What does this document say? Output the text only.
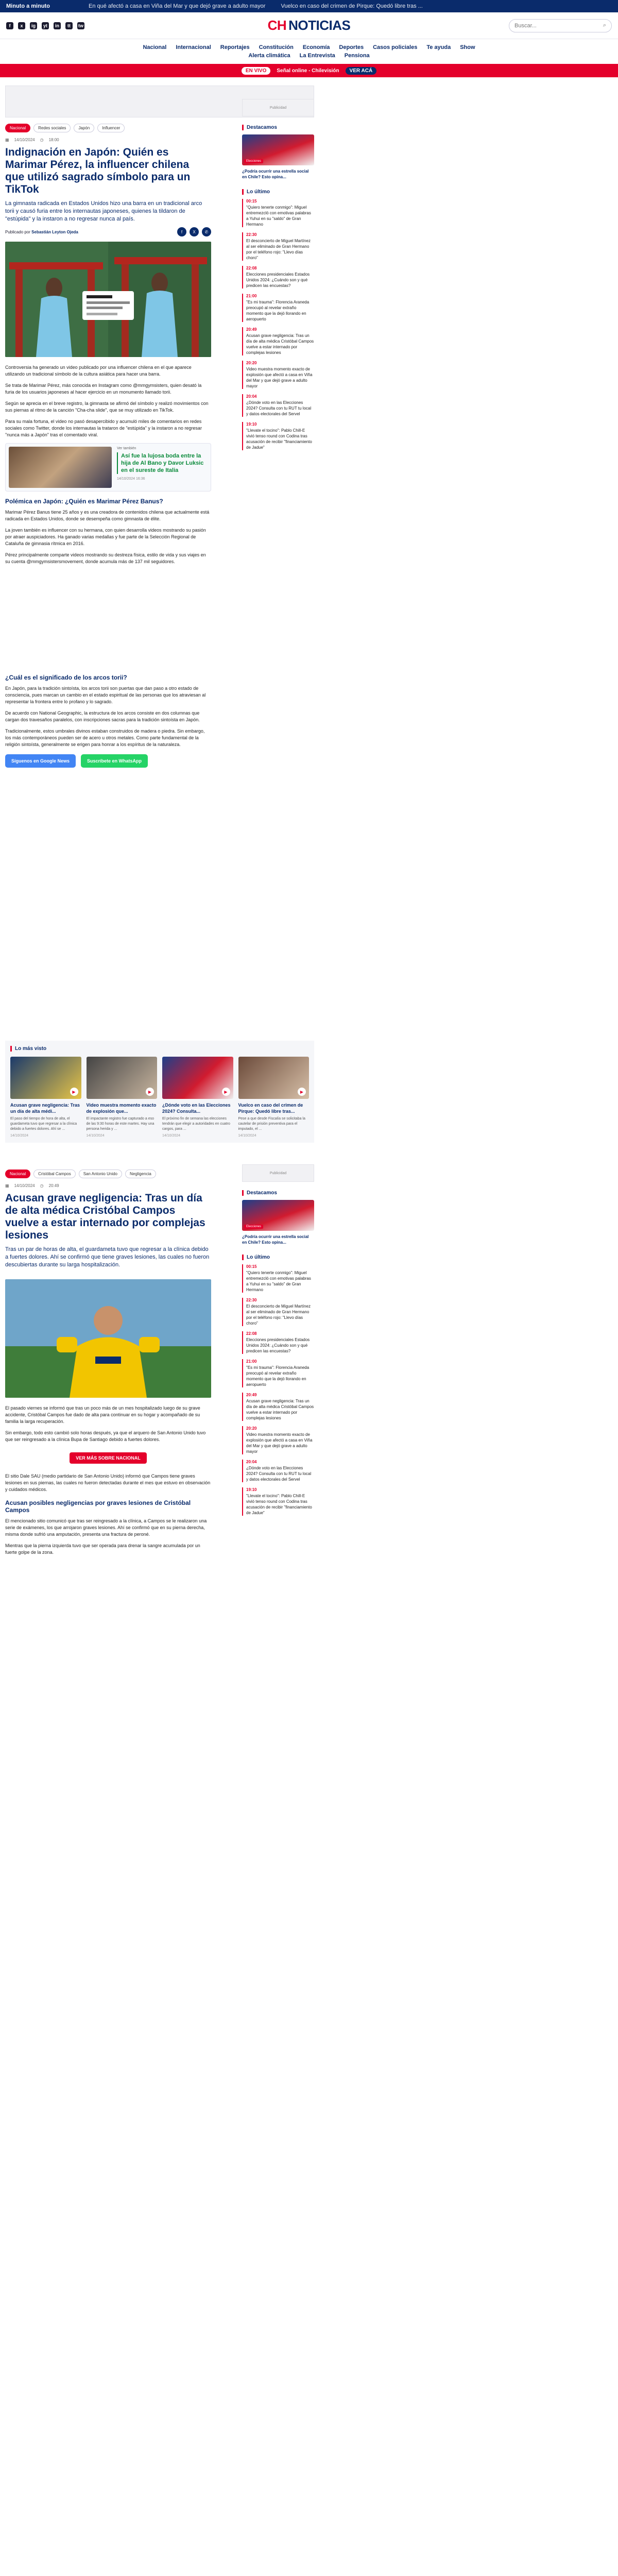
Minuto a minuto	En qué afectó a casa en Viña del Mar y que dejó grave a adulto mayor	Vuelco en caso del crimen de Pirque: Quedó libre tras ...
f	x	ig	yt	in	tt	tw	CH NOTICIAS	Buscar...	⌕
Nacional Internacional Reportajes Constitución Economía Deportes Casos policiales Te ayuda Show
Alerta climática La Entrevista Pensiona
EN VIVO	Señal online - Chilevisión	VER ACÁ
Publicidad
Destacamos
Elecciones
¿Podría ocurrir una estrella social en Chile? Esto opina...
Lo último
00:15
"Quiero tenerte conmigo": Miguel entremezcló con emotivas palabras a Yuhui en su "saldo" de Gran Hermano
22:30
El desconcierto de Miguel Martínez al ser eliminado de Gran Hermano por el teléfono rojo: "Llevo días choro"
22:08
Elecciones presidenciales Estados Unidos 2024: ¿Cuándo son y qué predicen las encuestas?
21:00
"Es mi trauma": Florencia Araneda preocupó al revelar extraño momento que la dejó llorando en aeropuerto
20:49
Acusan grave negligencia: Tras un día de alta médica Cristóbal Campos vuelve a estar internado por complejas lesiones
20:20
Video muestra momento exacto de explosión que afectó a casa en Viña del Mar y que dejó grave a adulto mayor
20:04
¿Dónde voto en las Elecciones 2024? Consulta con tu RUT tu local y datos electorales del Servel
19:10
"Llevate el tocino": Pablo Chill-E vivió tenso round con Codina tras acusación de recibir "financiamiento de Jadue"
Nacional	Redes sociales	Japón	Influencer
▦ 14/10/2024 ◷ 18:00
Indignación en Japón: Quién es Marimar Pérez, la influencer chilena que utilizó sagrado símbolo para un TikTok
La gimnasta radicada en Estados Unidos hizo una barra en un tradicional arco torii y causó furia entre los internautas japoneses, quienes la tildaron de "estúpida" y la instaron a no regresar nunca al país.
Publicado por Sebastián Leyton Ojeda	f	X	✆

Controversia ha generado un video publicado por una influencer chilena en el que aparece utilizando un tradicional símbolo de la cultura asiática para hacer una barra.

Se trata de Marimar Pérez, más conocida en Instagram como @mmgymsisters, quien desató la furia de los usuarios japoneses al hacer ejercicio en un monumento llamado torii.

Según se aprecia en el breve registro, la gimnasta se afirmó del símbolo y realizó movimientos con sus piernas al ritmo de la canción "Cha-cha slide", que se muy utilizado en TikTok.

Para su mala fortuna, el video no pasó desapercibido y acumuló miles de comentarios en redes sociales como Twitter, donde los internautas la trataron de "estúpida" y la instaron a no regresar "nunca más a Japón" tras el comentado viral.

Ver también
Así fue la lujosa boda entre la hija de Al Bano y Davor Luksic en el sureste de Italia
14/10/2024 16:36
Polémica en Japón: ¿Quién es Marimar Pérez Banus?

Marimar Pérez Banus tiene 25 años y es una creadora de contenidos chilena que actualmente está radicada en Estados Unidos, donde se desempeña como gimnasta de élite.

La joven también es influencer con su hermana, con quien desarrolla videos mostrando su pasión por atraer auspiciadores. Ha ganado varias medallas y fue parte de la Selección Regional de Cataluña de gimnasia rítmica en 2016.

Pérez principalmente comparte videos mostrando su destreza física, estilo de vida y sus viajes en su cuenta @mmgymsistersmovement, donde acumula más de 137 mil seguidores.

¿Cuál es el significado de los arcos torii?

En Japón, para la tradición sintoísta, los arcos torii son puertas que dan paso a otro estado de consciencia, pues marcan un cambio en el estado espiritual de las personas que los atraviesan al representar la frontera entre lo profano y lo sagrado.

De acuerdo con National Geographic, la estructura de los arcos consiste en dos columnas que cargan dos travesaños paralelos, con inscripciones sacras para la tradición sintoísta en Japón.

Tradicionalmente, estos umbrales divinos estaban construidos de madera o piedra. Sin embargo, los más contemporáneos pueden ser de acero u otros metales. Como parte fundamental de la religión sintoísta, generalmente se erigen para honrar a los espíritus de la naturaleza.

Síguenos en Google News	Suscríbete en WhatsApp
Lo más visto
▶
Acusan grave negligencia: Tras un día de alta médi...
El paso del tiempo de hora de alta, el guardameta tuvo que regresar a la clínica debido a fuertes dolores. Ahí se ...
14/10/2024
▶
Video muestra momento exacto de explosión que...
El impactante registro fue capturado a eso de las 9:30 horas de este martes. Hay una persona herida y ...
14/10/2024
▶
¿Dónde voto en las Elecciones 2024? Consulta...
El próximo fin de semana las elecciones tendrán que elegir a autoridades en cuatro cargos, para ...
14/10/2024
▶
Vuelco en caso del crimen de Pirque: Quedó libre tras...
Pese a que desde Fiscalía se solicitaba la cautelar de prisión preventiva para el imputado, el ...
14/10/2024
Publicidad
Destacamos
Elecciones
¿Podría ocurrir una estrella social en Chile? Esto opina...
Lo último
00:15
"Quiero tenerte conmigo": Miguel entremezcló con emotivas palabras a Yuhui en su "saldo" de Gran Hermano
22:30
El desconcierto de Miguel Martínez al ser eliminado de Gran Hermano por el teléfono rojo: "Llevo días choro"
22:08
Elecciones presidenciales Estados Unidos 2024: ¿Cuándo son y qué predicen las encuestas?
21:00
"Es mi trauma": Florencia Araneda preocupó al revelar extraño momento que la dejó llorando en aeropuerto
20:49
Acusan grave negligencia: Tras un día de alta médica Cristóbal Campos vuelve a estar internado por complejas lesiones
20:20
Video muestra momento exacto de explosión que afectó a casa en Viña del Mar y que dejó grave a adulto mayor
20:04
¿Dónde voto en las Elecciones 2024? Consulta con tu RUT tu local y datos electorales del Servel
19:10
"Llevate el tocino": Pablo Chill-E vivió tenso round con Codina tras acusación de recibir "financiamiento de Jadue"
Nacional	Cristóbal Campos	San Antonio Unido	Negligencia
▦ 14/10/2024 ◷ 20:49
Acusan grave negligencia: Tras un día de alta médica Cristóbal Campos vuelve a estar internado por complejas lesiones
Tras un par de horas de alta, el guardameta tuvo que regresar a la clínica debido a fuertes dolores. Ahí se confirmó que tiene graves lesiones, las cuales no fueron descubiertas durante su larga hospitalización.

El pasado viernes se informó que tras un poco más de un mes hospitalizado luego de su grave accidente, Cristóbal Campos fue dado de alta para continuar en su hogar y acompañado de su familia la larga recuperación.

Sin embargo, todo esto cambió solo horas después, ya que el arquero de San Antonio Unido tuvo que ser reingresado a la clínica Bupa de Santiago debido a fuertes dolores.

VER MÁS SOBRE NACIONAL

El sitio Dale SAU (medio partidario de San Antonio Unido) informó que Campos tiene graves lesiones en sus piernas, las cuales no fueron detectadas durante el mes que estuvo en observación y cuidados médicos.

Acusan posibles negligencias por graves lesiones de Cristóbal Campos

El mencionado sitio comunicó que tras ser reingresado a la clínica, a Campos se le realizaron una serie de exámenes, los que arrojaron graves lesiones. Ahí se confirmó que en su pierna derecha, misma donde sufrió una amputación, presenta una fractura de peroné.

Mientras que la pierna izquierda tuvo que ser operada para drenar la sangre acumulada por un fuerte golpe de la zona.
